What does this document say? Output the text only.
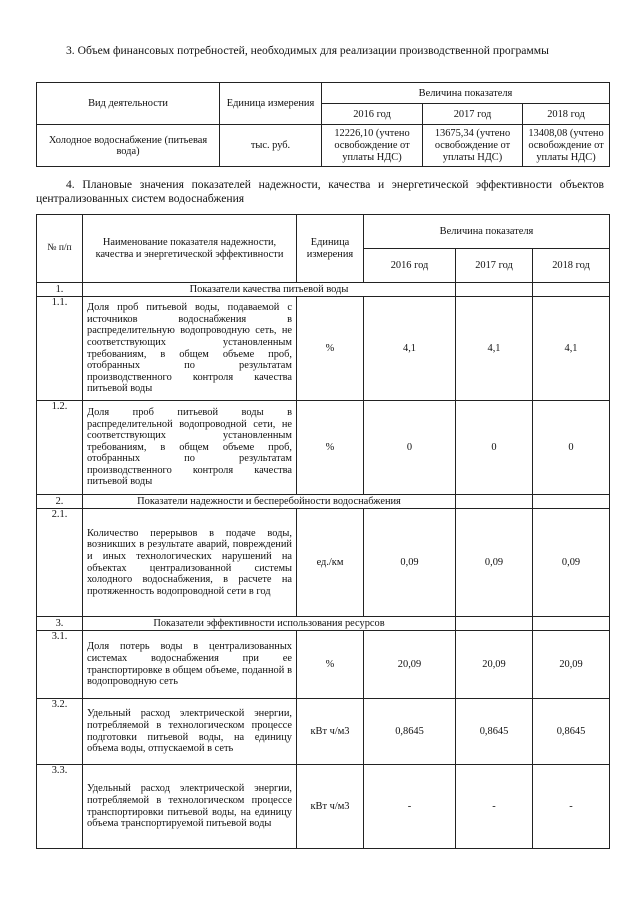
3. Объем финансовых потребностей, необходимых для реализации производственной программы
Вид деятельности	Единица измерения	Величина показателя		
		2016 год	2017 год	2018 год
Холодное водоснабжение (питьевая вода)	тыс. руб.	12226,10 (учтено освобождение от уплаты НДС)	13675,34 (учтено освобождение от уплаты НДС)	13408,08 (учтено освобождение от уплаты НДС)
4. Плановые значения показателей надежности, качества и энергетической эффективности объектов централизованных систем водоснабжения
№ п/п	Наименование показателя надежности, качества и энергетической эффективности	Единица измерения	Величина показателя		
			2016 год	2017 год	2018 год
1.	Показатели качества питьевой воды				
1.1.	Доля проб питьевой воды, подаваемой с источников водоснабжения в распределительную водопроводную сеть, не соответствующих установленным требованиям, в общем объеме проб, отобранных по результатам производственного контроля качества питьевой воды	%	4,1	4,1	4,1
1.2.	Доля проб питьевой воды в распределительной водопроводной сети, не соответствующих установленным требованиям, в общем объеме проб, отобранных по результатам производственного контроля качества питьевой воды	%	0	0	0
2.	Показатели надежности и бесперебойности водоснабжения				
2.1.	Количество перерывов в подаче воды, возникших в результате аварий, повреждений и иных технологических нарушений на объектах централизованной системы холодного водоснабжения, в расчете на протяженность водопроводной сети в год	ед./км	0,09	0,09	0,09
3.	Показатели эффективности использования ресурсов				
3.1.	Доля потерь воды в централизованных системах водоснабжения при ее транспортировке в общем объеме, поданной в водопроводную сеть	%	20,09	20,09	20,09
3.2.	Удельный расход электрической энергии, потребляемой в технологическом процессе подготовки питьевой воды, на единицу объема воды, отпускаемой в сеть	кВт ч/м3	0,8645	0,8645	0,8645
3.3.	Удельный расход электрической энергии, потребляемой в технологическом процессе транспортировки питьевой воды, на единицу объема транспортируемой питьевой воды	кВт ч/м3	-	-	-
